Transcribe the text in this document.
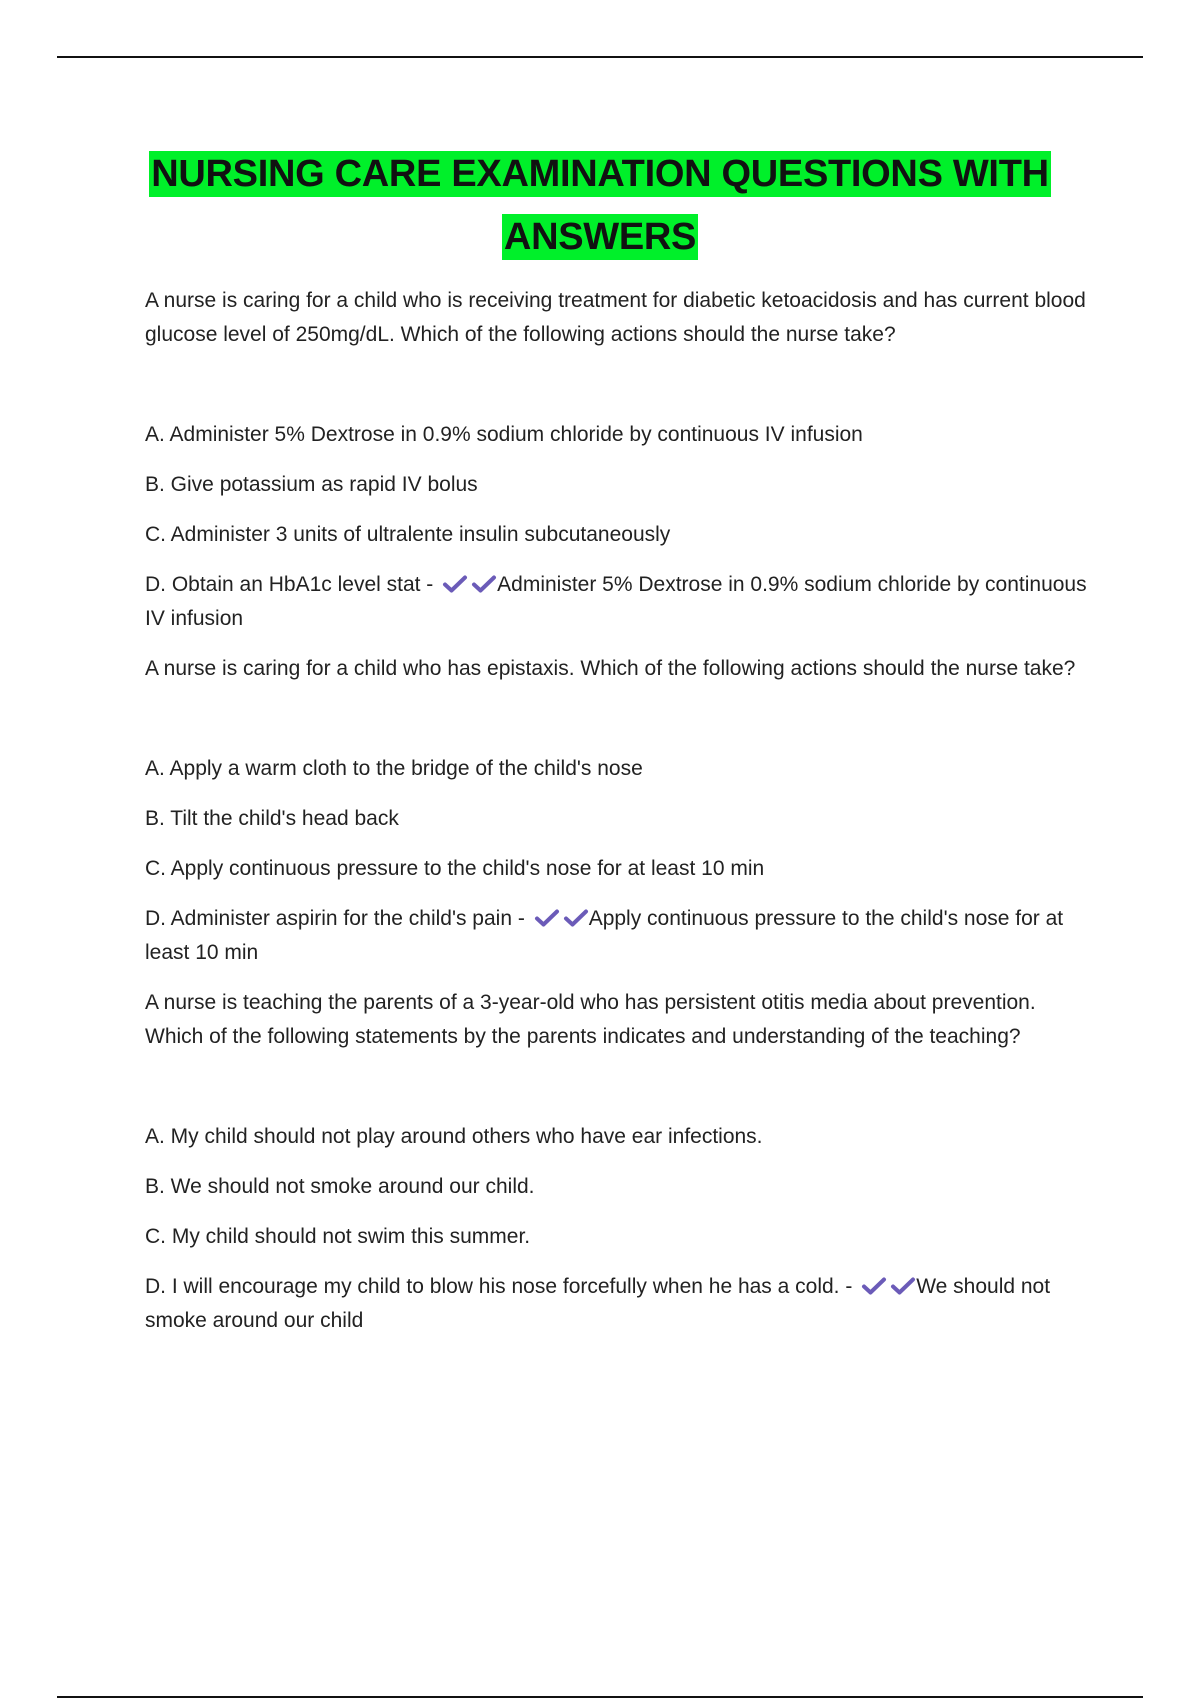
NURSING CARE EXAMINATION QUESTIONS WITH
ANSWERS

A nurse is caring for a child who is receiving treatment for diabetic ketoacidosis and has current blood glucose level of 250mg/dL. Which of the following actions should the nurse take?

A. Administer 5% Dextrose in 0.9% sodium chloride by continuous IV infusion

B. Give potassium as rapid IV bolus

C. Administer 3 units of ultralente insulin subcutaneously

D. Obtain an HbA1c level stat -	Administer 5% Dextrose in 0.9% sodium chloride by continuous IV infusion

A nurse is caring for a child who has epistaxis. Which of the following actions should the nurse take?

A. Apply a warm cloth to the bridge of the child's nose

B. Tilt the child's head back

C. Apply continuous pressure to the child's nose for at least 10 min

D. Administer aspirin for the child's pain -	Apply continuous pressure to the child's nose for at least 10 min

A nurse is teaching the parents of a 3-year-old who has persistent otitis media about prevention. Which of the following statements by the parents indicates and understanding of the teaching?

A. My child should not play around others who have ear infections.

B. We should not smoke around our child.

C. My child should not swim this summer.

D. I will encourage my child to blow his nose forcefully when he has a cold. -	We should not smoke around our child
